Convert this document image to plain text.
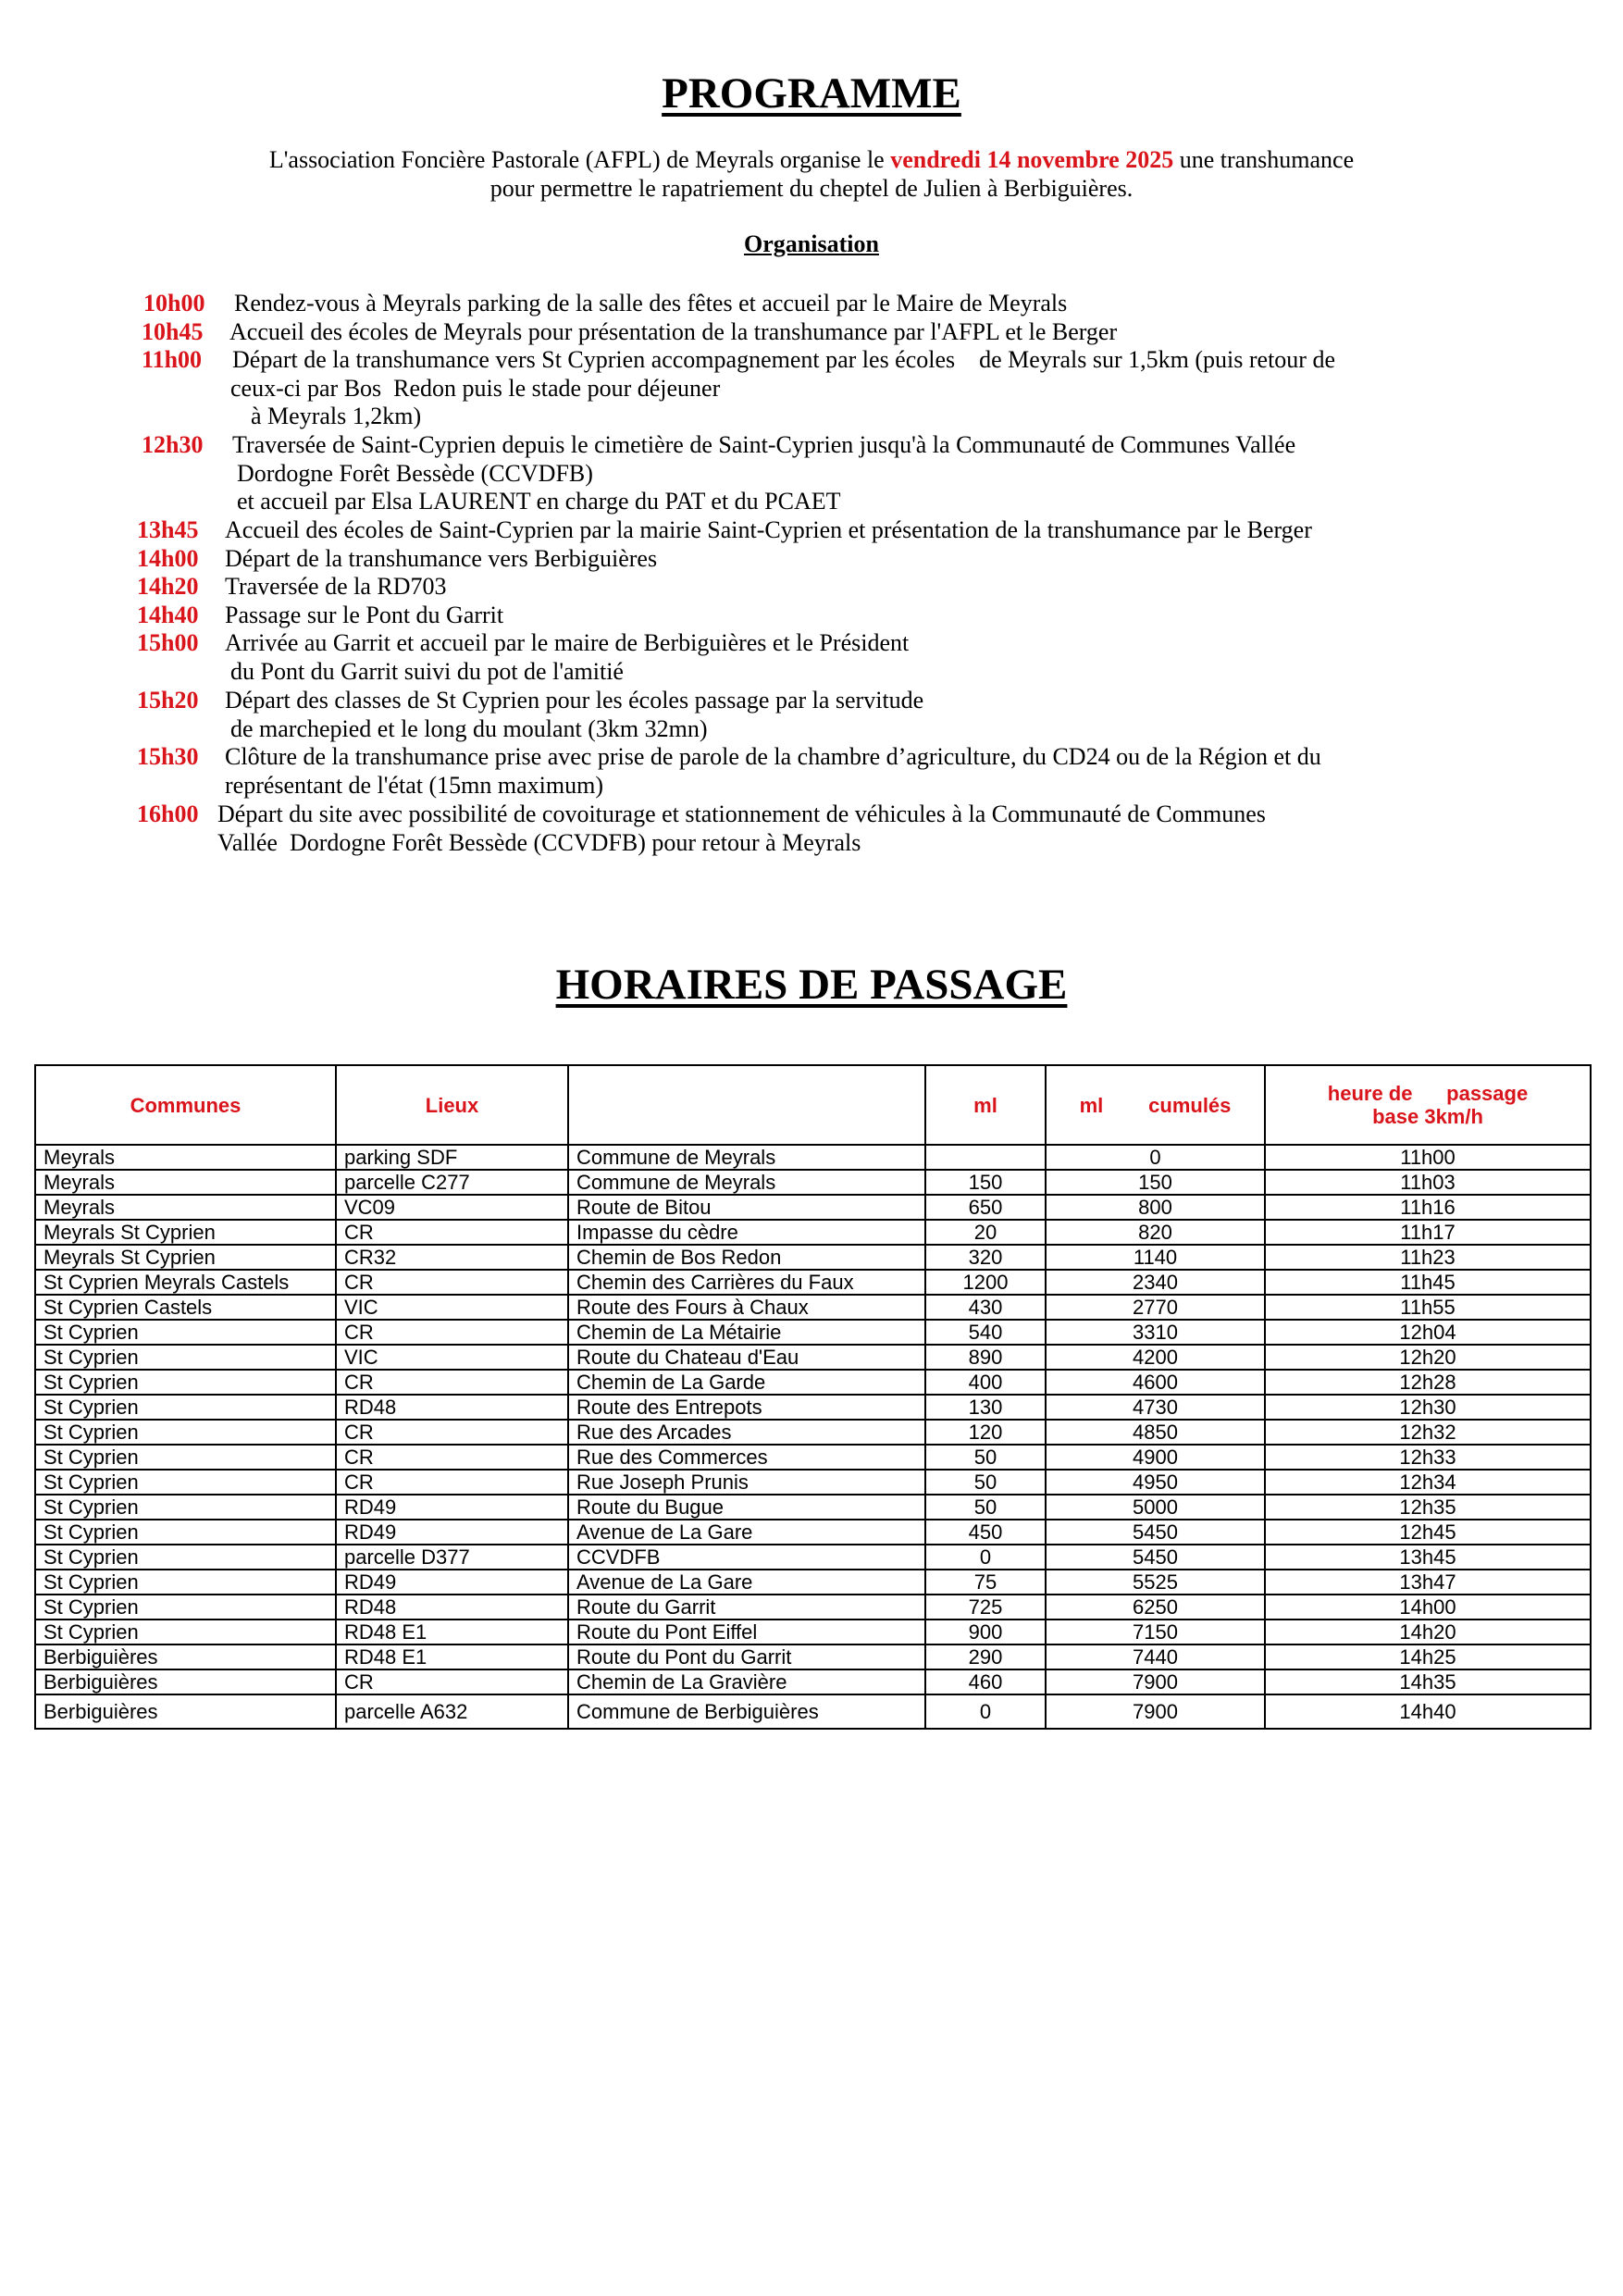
PROGRAMME
L'association Foncière Pastorale (AFPL) de Meyrals organise le vendredi 14 novembre 2025 une transhumance
pour permettre le rapatriement du cheptel de Julien à Berbiguières.
Organisation
10h00 Rendez-vous à Meyrals parking de la salle des fêtes et accueil par le Maire de Meyrals
10h45 Accueil des écoles de Meyrals pour présentation de la transhumance par l'AFPL et le Berger
11h00 Départ de la transhumance vers St Cyprien accompagnement par les écoles    de Meyrals sur 1,5km (puis retour de
ceux-ci par Bos  Redon puis le stade pour déjeuner
à Meyrals 1,2km)
12h30 Traversée de Saint-Cyprien depuis le cimetière de Saint-Cyprien jusqu'à la Communauté de Communes Vallée
Dordogne Forêt Bessède (CCVDFB)
et accueil par Elsa LAURENT en charge du PAT et du PCAET
13h45 Accueil des écoles de Saint-Cyprien par la mairie Saint-Cyprien et présentation de la transhumance par le Berger
14h00 Départ de la transhumance vers Berbiguières
14h20 Traversée de la RD703
14h40 Passage sur le Pont du Garrit
15h00 Arrivée au Garrit et accueil par le maire de Berbiguières et le Président
du Pont du Garrit suivi du pot de l'amitié
15h20 Départ des classes de St Cyprien pour les écoles passage par la servitude
de marchepied et le long du moulant (3km 32mn)
15h30 Clôture de la transhumance prise avec prise de parole de la chambre d’agriculture, du CD24 ou de la Région et du
représentant de l'état (15mn maximum)
16h00 Départ du site avec possibilité de covoiturage et stationnement de véhicules à la Communauté de Communes
Vallée  Dordogne Forêt Bessède (CCVDFB) pour retour à Meyrals
HORAIRES DE PASSAGE
Communes	Lieux		ml	ml        cumulés	heure de      passage
base 3km/h

Meyrals	parking SDF	Commune de Meyrals		0	11h00
Meyrals	parcelle C277	Commune de Meyrals	150	150	11h03
Meyrals	VC09	Route de Bitou	650	800	11h16
Meyrals St Cyprien	CR	Impasse du cèdre	20	820	11h17
Meyrals St Cyprien	CR32	Chemin de Bos Redon	320	1140	11h23
St Cyprien Meyrals Castels	CR	Chemin des Carrières du Faux	1200	2340	11h45
St Cyprien Castels	VIC	Route des Fours à Chaux	430	2770	11h55
St Cyprien	CR	Chemin de La Métairie	540	3310	12h04
St Cyprien	VIC	Route du Chateau d'Eau	890	4200	12h20
St Cyprien	CR	Chemin de La Garde	400	4600	12h28
St Cyprien	RD48	Route des Entrepots	130	4730	12h30
St Cyprien	CR	Rue des Arcades	120	4850	12h32
St Cyprien	CR	Rue des Commerces	50	4900	12h33
St Cyprien	CR	Rue Joseph Prunis	50	4950	12h34
St Cyprien	RD49	Route du Bugue	50	5000	12h35
St Cyprien	RD49	Avenue de La Gare	450	5450	12h45
St Cyprien	parcelle D377	CCVDFB	0	5450	13h45
St Cyprien	RD49	Avenue de La Gare	75	5525	13h47
St Cyprien	RD48	Route du Garrit	725	6250	14h00
St Cyprien	RD48 E1	Route du Pont Eiffel	900	7150	14h20
Berbiguières	RD48 E1	Route du Pont du Garrit	290	7440	14h25
Berbiguières	CR	Chemin de La Gravière	460	7900	14h35
Berbiguières	parcelle A632	Commune de Berbiguières	0	7900	14h40
